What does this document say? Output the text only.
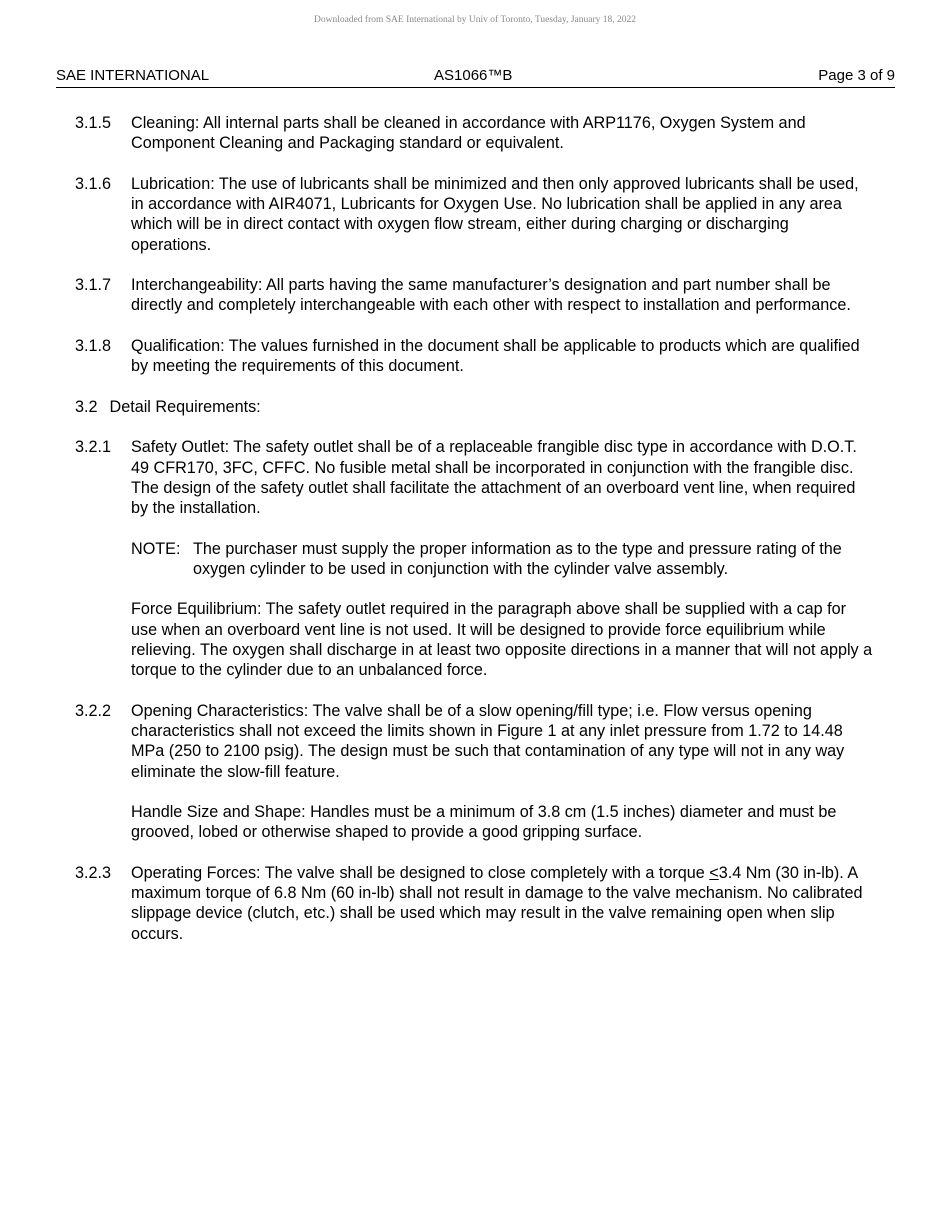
Downloaded from SAE International by Univ of Toronto, Tuesday, January 18, 2022
SAE INTERNATIONAL	AS1066™B	Page 3 of 9
3.1.5 Cleaning: All internal parts shall be cleaned in accordance with ARP1176, Oxygen System and Component Cleaning and Packaging standard or equivalent.
3.1.6 Lubrication: The use of lubricants shall be minimized and then only approved lubricants shall be used, in accordance with AIR4071, Lubricants for Oxygen Use. No lubrication shall be applied in any area which will be in direct contact with oxygen flow stream, either during charging or discharging operations.
3.1.7 Interchangeability: All parts having the same manufacturer’s designation and part number shall be directly and completely interchangeable with each other with respect to installation and performance.
3.1.8 Qualification: The values furnished in the document shall be applicable to products which are qualified by meeting the requirements of this document.
3.2 Detail Requirements:
3.2.1 Safety Outlet: The safety outlet shall be of a replaceable frangible disc type in accordance with D.O.T. 49 CFR170, 3FC, CFFC. No fusible metal shall be incorporated in conjunction with the frangible disc. The design of the safety outlet shall facilitate the attachment of an overboard vent line, when required by the installation.
NOTE: The purchaser must supply the proper information as to the type and pressure rating of the oxygen cylinder to be used in conjunction with the cylinder valve assembly.
Force Equilibrium: The safety outlet required in the paragraph above shall be supplied with a cap for use when an overboard vent line is not used. It will be designed to provide force equilibrium while relieving. The oxygen shall discharge in at least two opposite directions in a manner that will not apply a torque to the cylinder due to an unbalanced force.
3.2.2 Opening Characteristics: The valve shall be of a slow opening/fill type; i.e. Flow versus opening characteristics shall not exceed the limits shown in Figure 1 at any inlet pressure from 1.72 to 14.48 MPa (250 to 2100 psig). The design must be such that contamination of any type will not in any way eliminate the slow-fill feature.
Handle Size and Shape: Handles must be a minimum of 3.8 cm (1.5 inches) diameter and must be grooved, lobed or otherwise shaped to provide a good gripping surface.
3.2.3 Operating Forces: The valve shall be designed to close completely with a torque ≤3.4 Nm (30 in-lb). A maximum torque of 6.8 Nm (60 in-lb) shall not result in damage to the valve mechanism. No calibrated slippage device (clutch, etc.) shall be used which may result in the valve remaining open when slip occurs.
